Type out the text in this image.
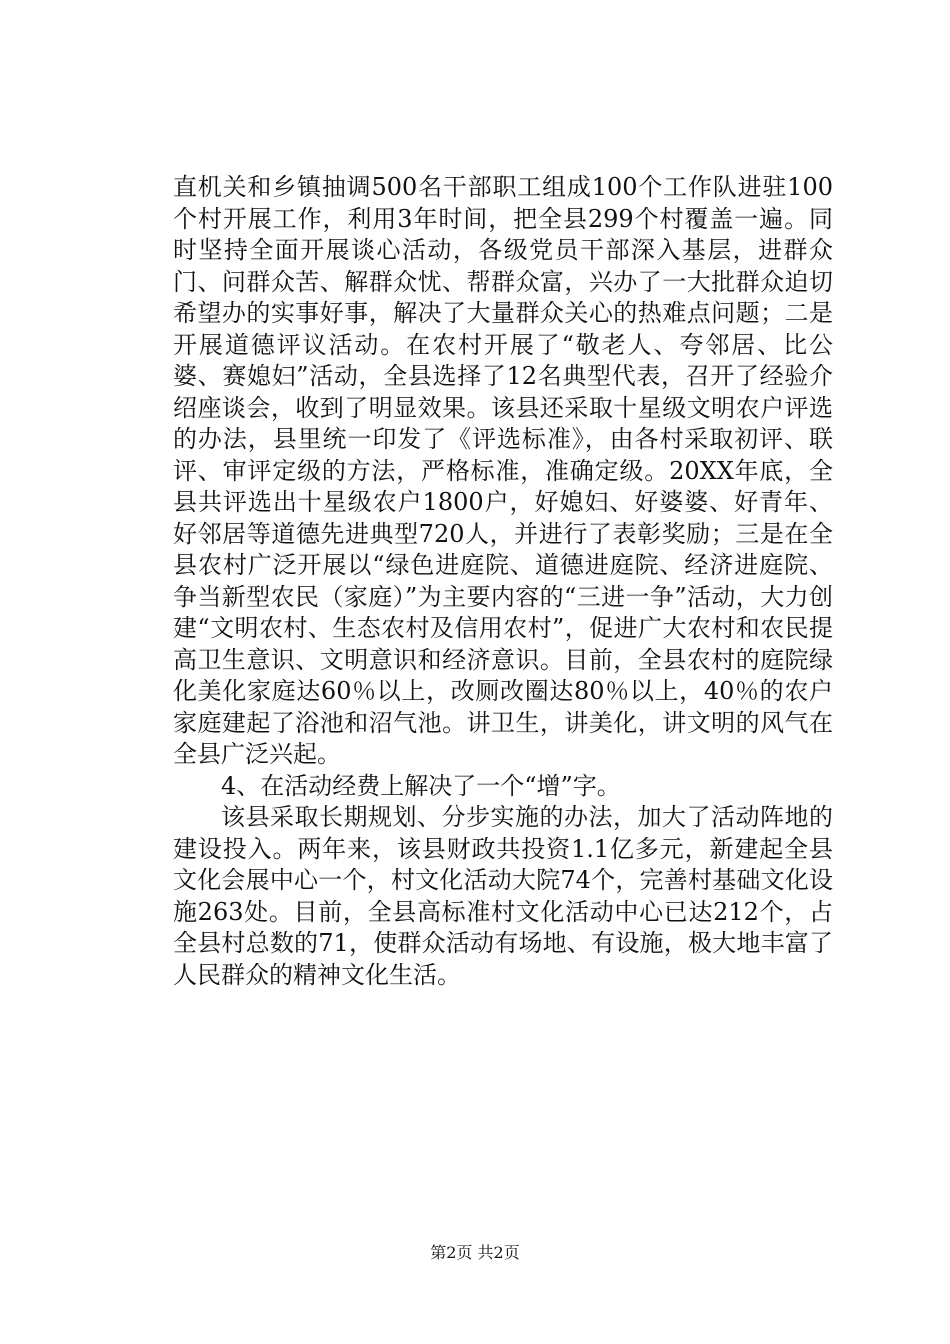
直机关和乡镇抽调500名干部职工组成100个工作队进驻100个村开展工作，利用3年时间，把全县299个村覆盖一遍。同时坚持全面开展谈心活动，各级党员干部深入基层，进群众门、问群众苦、解群众忧、帮群众富，兴办了一大批群众迫切希望办的实事好事，解决了大量群众关心的热难点问题；二是开展道德评议活动。在农村开展了“敬老人、夸邻居、比公婆、赛媳妇”活动，全县选择了12名典型代表，召开了经验介绍座谈会，收到了明显效果。该县还采取十星级文明农户评选的办法，县里统一印发了《评选标准》，由各村采取初评、联评、审评定级的方法，严格标准，准确定级。20XX年底，全县共评选出十星级农户1800户，好媳妇、好婆婆、好青年、好邻居等道德先进典型720人，并进行了表彰奖励；三是在全县农村广泛开展以“绿色进庭院、道德进庭院、经济进庭院、争当新型农民（家庭）”为主要内容的“三进一争”活动，大力创建“文明农村、生态农村及信用农村”，促进广大农村和农民提高卫生意识、文明意识和经济意识。目前，全县农村的庭院绿化美化家庭达60％以上，改厕改圈达80％以上，40％的农户家庭建起了浴池和沼气池。讲卫生，讲美化，讲文明的风气在全县广泛兴起。

4、在活动经费上解决了一个“增”字。

该县采取长期规划、分步实施的办法，加大了活动阵地的建设投入。两年来，该县财政共投资1.1亿多元，新建起全县文化会展中心一个，村文化活动大院74个，完善村基础文化设施263处。目前，全县高标准村文化活动中心已达212个，占全县村总数的71，使群众活动有场地、有设施，极大地丰富了人民群众的精神文化生活。

第2页 共2页
